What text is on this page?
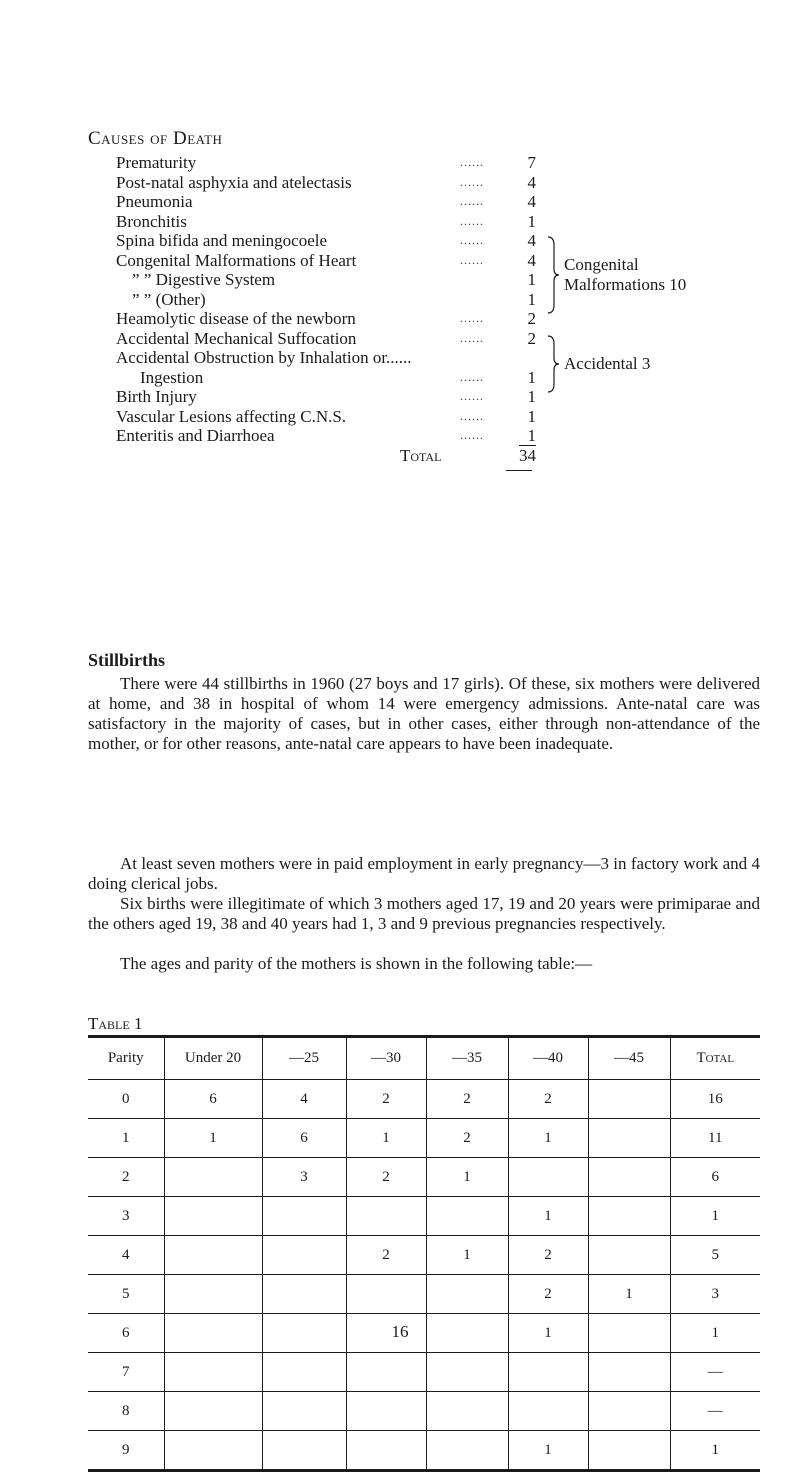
Causes of Death
Prematurity	......	7
Post-natal asphyxia and atelectasis	......	4
Pneumonia	......	4
Bronchitis	......	1
Spina bifida and meningocoele	......	4
Congenital Malformations of Heart	......	4
” ” Digestive System	1
” ” (Other)	1
Heamolytic disease of the newborn	......	2
Accidental Mechanical Suffocation	......	2
Accidental Obstruction by Inhalation or......
Ingestion	......	1
Birth Injury	......	1
Vascular Lesions affecting C.N.S.	......	1
Enteritis and Diarrhoea	......	1
Total	34
Congenital
Malformations 10
Accidental 3
Stillbirths
There were 44 stillbirths in 1960 (27 boys and 17 girls). Of these, six mothers were delivered at home, and 38 in hospital of whom 14 were emergency admissions. Ante-natal care was satisfactory in the majority of cases, but in other cases, either through non-attendance of the mother, or for other reasons, ante-natal care appears to have been inadequate.
At least seven mothers were in paid employment in early pregnancy—3 in factory work and 4 doing clerical jobs.
Six births were illegitimate of which 3 mothers aged 17, 19 and 20 years were primiparae and the others aged 19, 38 and 40 years had 1, 3 and 9 previous pregnancies respectively.
The ages and parity of the mothers is shown in the following table:—
Table 1
Parity	Under 20	—25	—30	—35	—40	—45	Total
0	6	4	2	2	2		16
1	1	6	1	2	1		11
2		3	2	1			6
3					1		1
4			2	1	2		5
5					2	1	3
6					1		1
7							—
8							—
9					1		1
16
